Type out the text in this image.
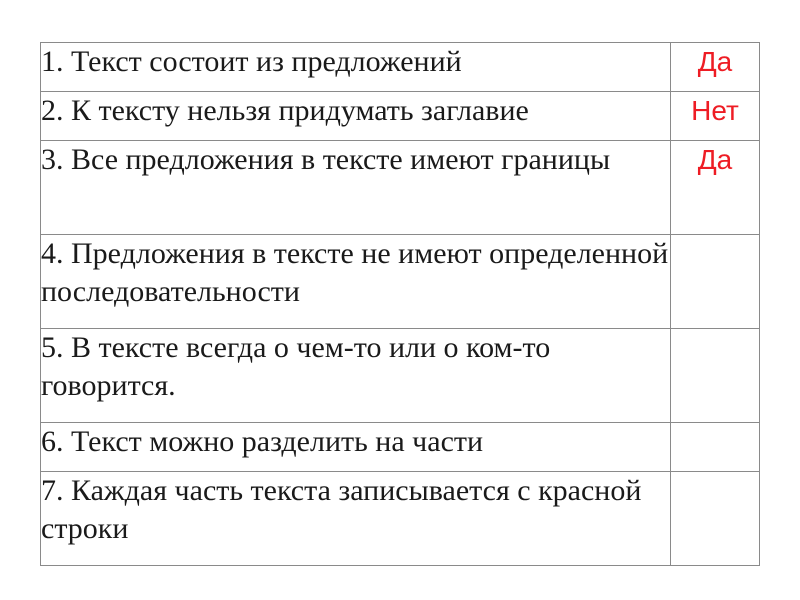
1. Текст состоит из предложений	Да
2. К тексту нельзя придумать заглавие	Нет
3. Все предложения в тексте имеют границы	Да
4. Предложения в тексте не имеют определенной последовательности	
5. В тексте всегда о чем-то или о ком-то говорится.	
6. Текст можно разделить на части	
7. Каждая часть текста записывается с красной строки	
